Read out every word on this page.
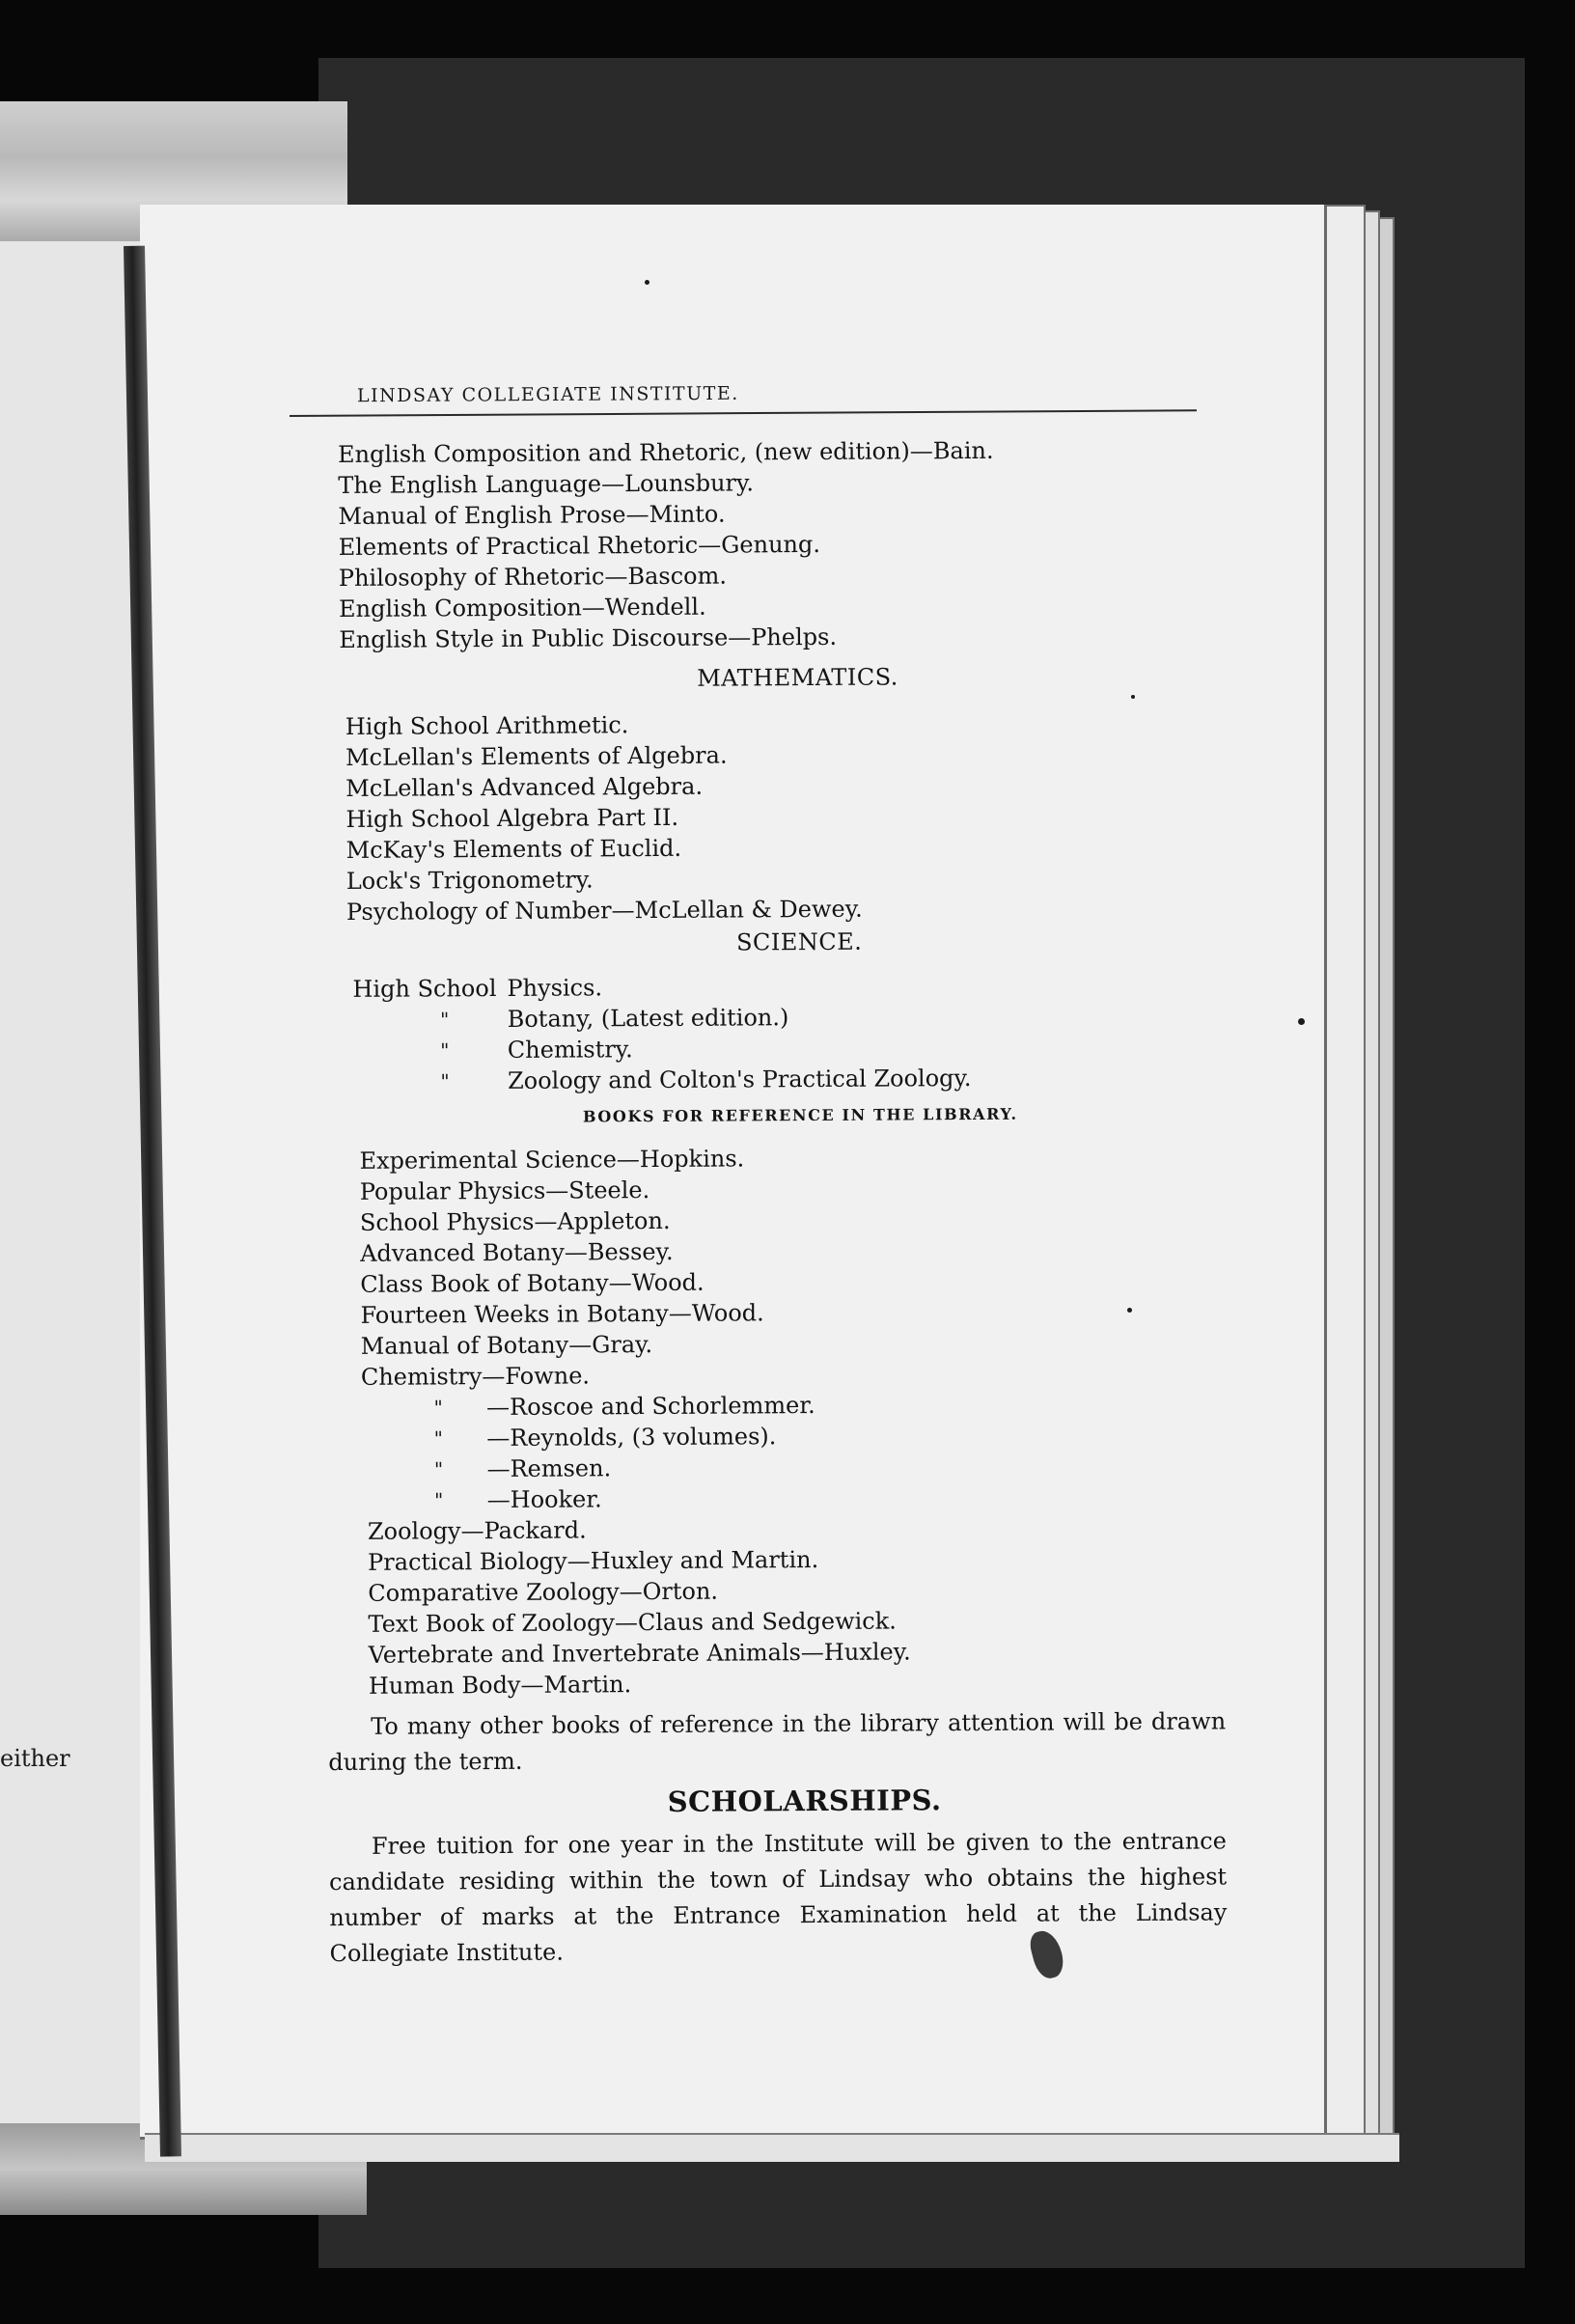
either
LINDSAY COLLEGIATE INSTITUTE.
English Composition and Rhetoric, (new edition)—Bain.
The English Language—Lounsbury.
Manual of English Prose—Minto.
Elements of Practical Rhetoric—Genung.
Philosophy of Rhetoric—Bascom.
English Composition—Wendell.
English Style in Public Discourse—Phelps.
MATHEMATICS.
High School Arithmetic.
McLellan's Elements of Algebra.
McLellan's Advanced Algebra.
High School Algebra Part II.
McKay's Elements of Euclid.
Lock's Trigonometry.
Psychology of Number—McLellan & Dewey.
SCIENCE.
High School Physics.
"	Botany, (Latest edition.)
"	Chemistry.
"	Zoology and Colton's Practical Zoology.
BOOKS FOR REFERENCE IN THE LIBRARY.
Experimental Science—Hopkins.
Popular Physics—Steele.
School Physics—Appleton.
Advanced Botany—Bessey.
Class Book of Botany—Wood.
Fourteen Weeks in Botany—Wood.
Manual of Botany—Gray.
Chemistry—Fowne.
"	—Roscoe and Schorlemmer.
"	—Reynolds, (3 volumes).
"	—Remsen.
"	—Hooker.
Zoology—Packard.
Practical Biology—Huxley and Martin.
Comparative Zoology—Orton.
Text Book of Zoology—Claus and Sedgewick.
Vertebrate and Invertebrate Animals—Huxley.
Human Body—Martin.
To many other books of reference in the library attention will be drawn during the term.
SCHOLARSHIPS.
Free tuition for one year in the Institute will be given to the entrance candidate residing within the town of Lindsay who obtains the highest number of marks at the Entrance Examination held at the Lindsay Collegiate Institute.
